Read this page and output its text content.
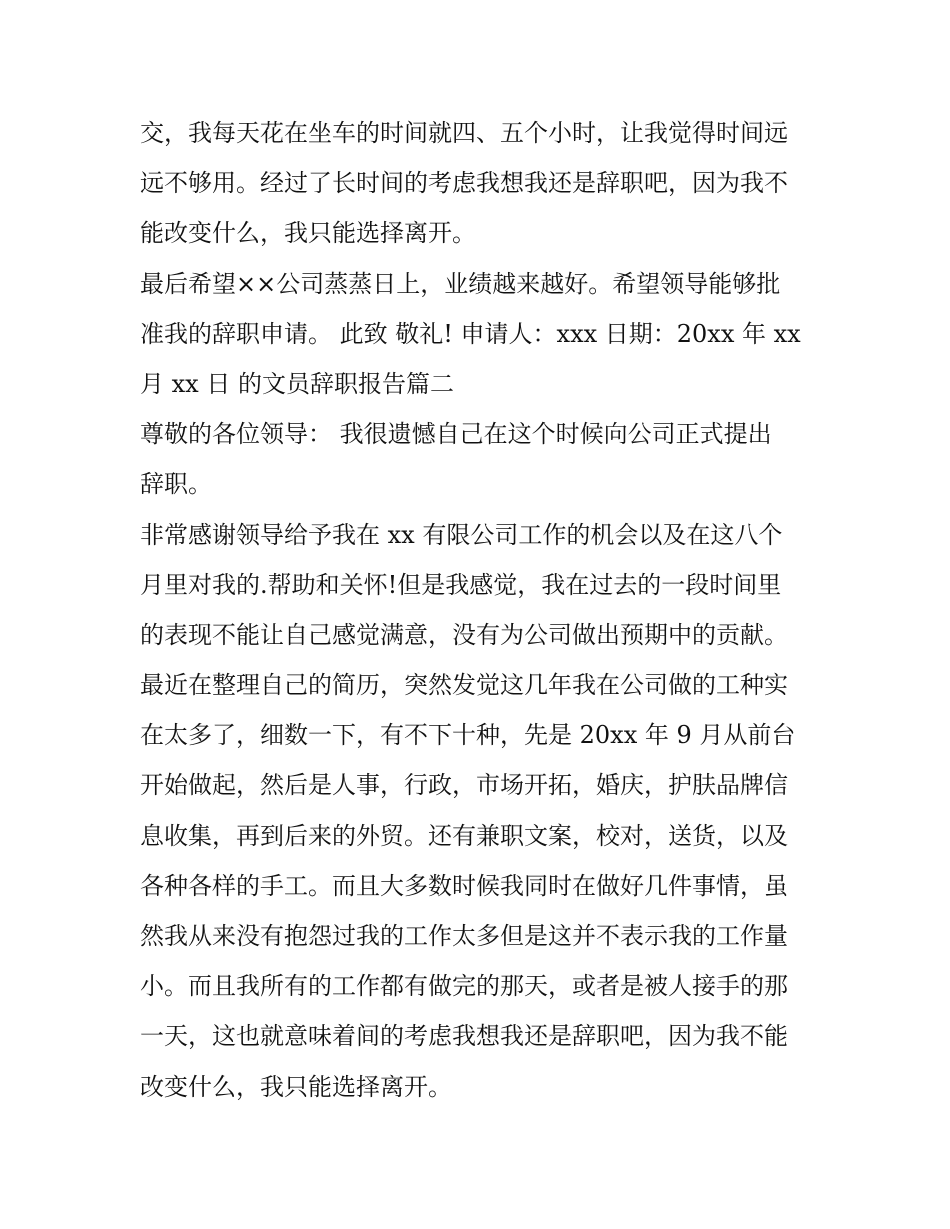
交，我每天花在坐车的时间就四、五个小时，让我觉得时间远
远不够用。经过了长时间的考虑我想我还是辞职吧，因为我不
能改变什么，我只能选择离开。
最后希望××公司蒸蒸日上，业绩越来越好。希望领导能够批
准我的辞职申请。 此致 敬礼! 申请人：xxx 日期：20xx 年 xx
月 xx 日 的文员辞职报告篇二
尊敬的各位领导： 我很遗憾自己在这个时候向公司正式提出
辞职。
非常感谢领导给予我在 xx 有限公司工作的机会以及在这八个
月里对我的.帮助和关怀!但是我感觉，我在过去的一段时间里
的表现不能让自己感觉满意，没有为公司做出预期中的贡献。
最近在整理自己的简历，突然发觉这几年我在公司做的工种实
在太多了，细数一下，有不下十种，先是 20xx 年 9 月从前台
开始做起，然后是人事，行政，市场开拓，婚庆，护肤品牌信
息收集，再到后来的外贸。还有兼职文案，校对，送货，以及
各种各样的手工。而且大多数时候我同时在做好几件事情，虽
然我从来没有抱怨过我的工作太多但是这并不表示我的工作量
小。而且我所有的工作都有做完的那天，或者是被人接手的那
一天，这也就意味着间的考虑我想我还是辞职吧，因为我不能
改变什么，我只能选择离开。
